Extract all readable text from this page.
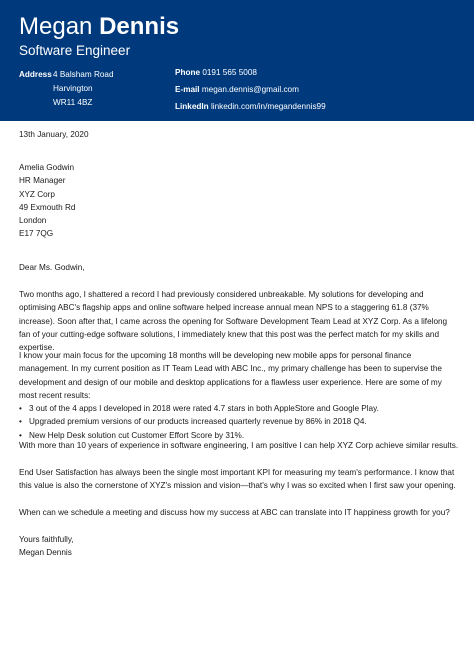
Megan Dennis
Software Engineer
Address 4 Balsham Road
Harvington
WR11 4BZ
Phone 0191 565 5008
E-mail megan.dennis@gmail.com
LinkedIn linkedin.com/in/megandennis99
13th January, 2020
Amelia Godwin
HR Manager
XYZ Corp
49 Exmouth Rd
London
E17 7QG
Dear Ms. Godwin,
Two months ago, I shattered a record I had previously considered unbreakable. My solutions for developing and optimising ABC's flagship apps and online software helped increase annual mean NPS to a staggering 61.8 (37% increase). Soon after that, I came across the opening for Software Development Team Lead at XYZ Corp. As a lifelong fan of your cutting-edge software solutions, I immediately knew that this post was the perfect match for my skills and expertise.
I know your main focus for the upcoming 18 months will be developing new mobile apps for personal finance management. In my current position as IT Team Lead with ABC Inc., my primary challenge has been to supervise the development and design of our mobile and desktop applications for a flawless user experience. Here are some of my most recent results:
• 3 out of the 4 apps I developed in 2018 were rated 4.7 stars in both AppleStore and Google Play.
• Upgraded premium versions of our products increased quarterly revenue by 86% in 2018 Q4.
• New Help Desk solution cut Customer Effort Score by 31%.
With more than 10 years of experience in software engineering, I am positive I can help XYZ Corp achieve similar results.
End User Satisfaction has always been the single most important KPI for measuring my team's performance. I know that this value is also the cornerstone of XYZ's mission and vision—that's why I was so excited when I first saw your opening.
When can we schedule a meeting and discuss how my success at ABC can translate into IT happiness growth for you?
Yours faithfully,
Megan Dennis
